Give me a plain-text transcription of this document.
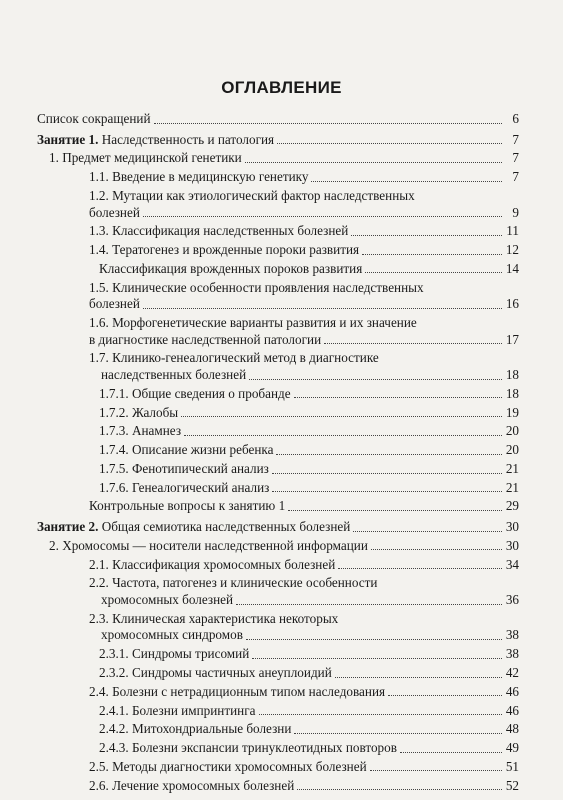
ОГЛАВЛЕНИЕ
Список сокращений	6
Занятие 1. Наследственность и патология	7
1. Предмет медицинской генетики	7
1.1. Введение в медицинскую генетику	7
1.2. Мутации как этиологический фактор наследственных
болезней	9
1.3. Классификация наследственных болезней	11
1.4. Тератогенез и врожденные пороки развития	12
Классификация врожденных пороков развития	14
1.5. Клинические особенности проявления наследственных
болезней	16
1.6. Морфогенетические варианты развития и их значение
в диагностике наследственной патологии	17
1.7. Клинико-генеалогический метод в диагностике
наследственных болезней	18
1.7.1. Общие сведения о пробанде	18
1.7.2. Жалобы	19
1.7.3. Анамнез	20
1.7.4. Описание жизни ребенка	20
1.7.5. Фенотипический анализ	21
1.7.6. Генеалогический анализ	21
Контрольные вопросы к занятию 1	29
Занятие 2. Общая семиотика наследственных болезней	30
2. Хромосомы — носители наследственной информации	30
2.1. Классификация хромосомных болезней	34
2.2. Частота, патогенез и клинические особенности
хромосомных болезней	36
2.3. Клиническая характеристика некоторых
хромосомных синдромов	38
2.3.1. Синдромы трисомий	38
2.3.2. Синдромы частичных анеуплоидий	42
2.4. Болезни с нетрадиционным типом наследования	46
2.4.1. Болезни импринтинга	46
2.4.2. Митохондриальные болезни	48
2.4.3. Болезни экспансии тринуклеотидных повторов	49
2.5. Методы диагностики хромосомных болезней	51
2.6. Лечение хромосомных болезней	52
